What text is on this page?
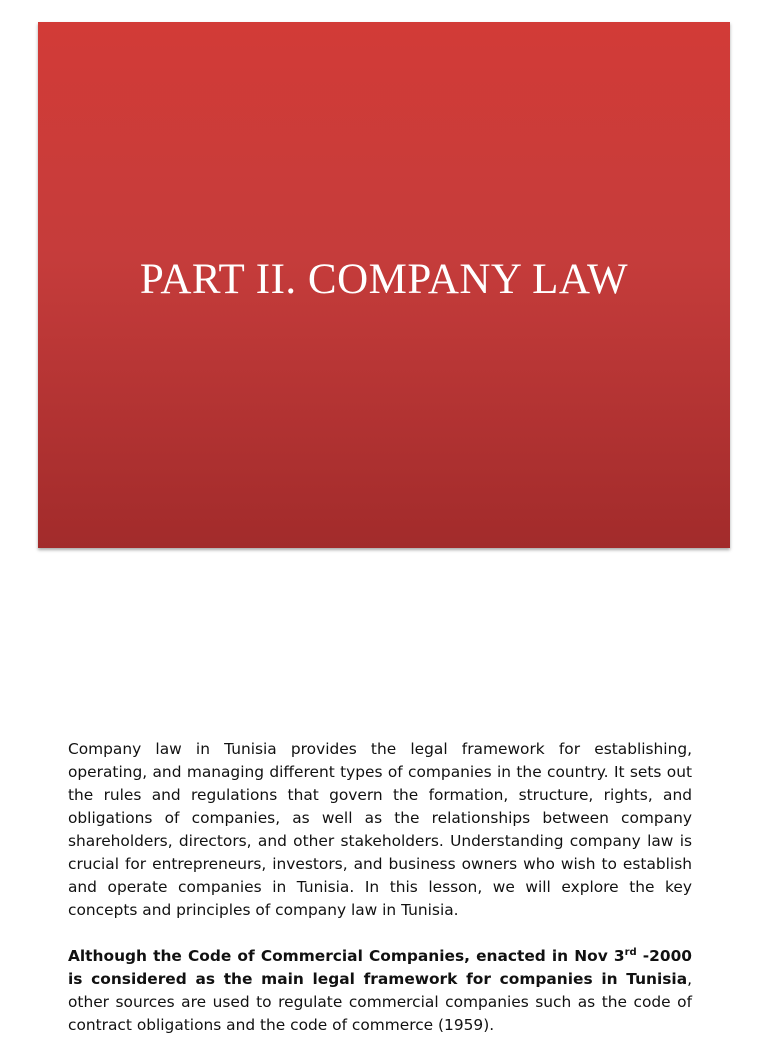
PART II. COMPANY LAW

Company law in Tunisia provides the legal framework for establishing, operating, and managing different types of companies in the country. It sets out the rules and regulations that govern the formation, structure, rights, and obligations of companies, as well as the relationships between company shareholders, directors, and other stakeholders. Understanding company law is crucial for entrepreneurs, investors, and business owners who wish to establish and operate companies in Tunisia. In this lesson, we will explore the key concepts and principles of company law in Tunisia.

Although the Code of Commercial Companies, enacted in Nov 3rd -2000 is considered as the main legal framework for companies in Tunisia, other sources are used to regulate commercial companies such as the code of contract obligations and the code of commerce (1959).
